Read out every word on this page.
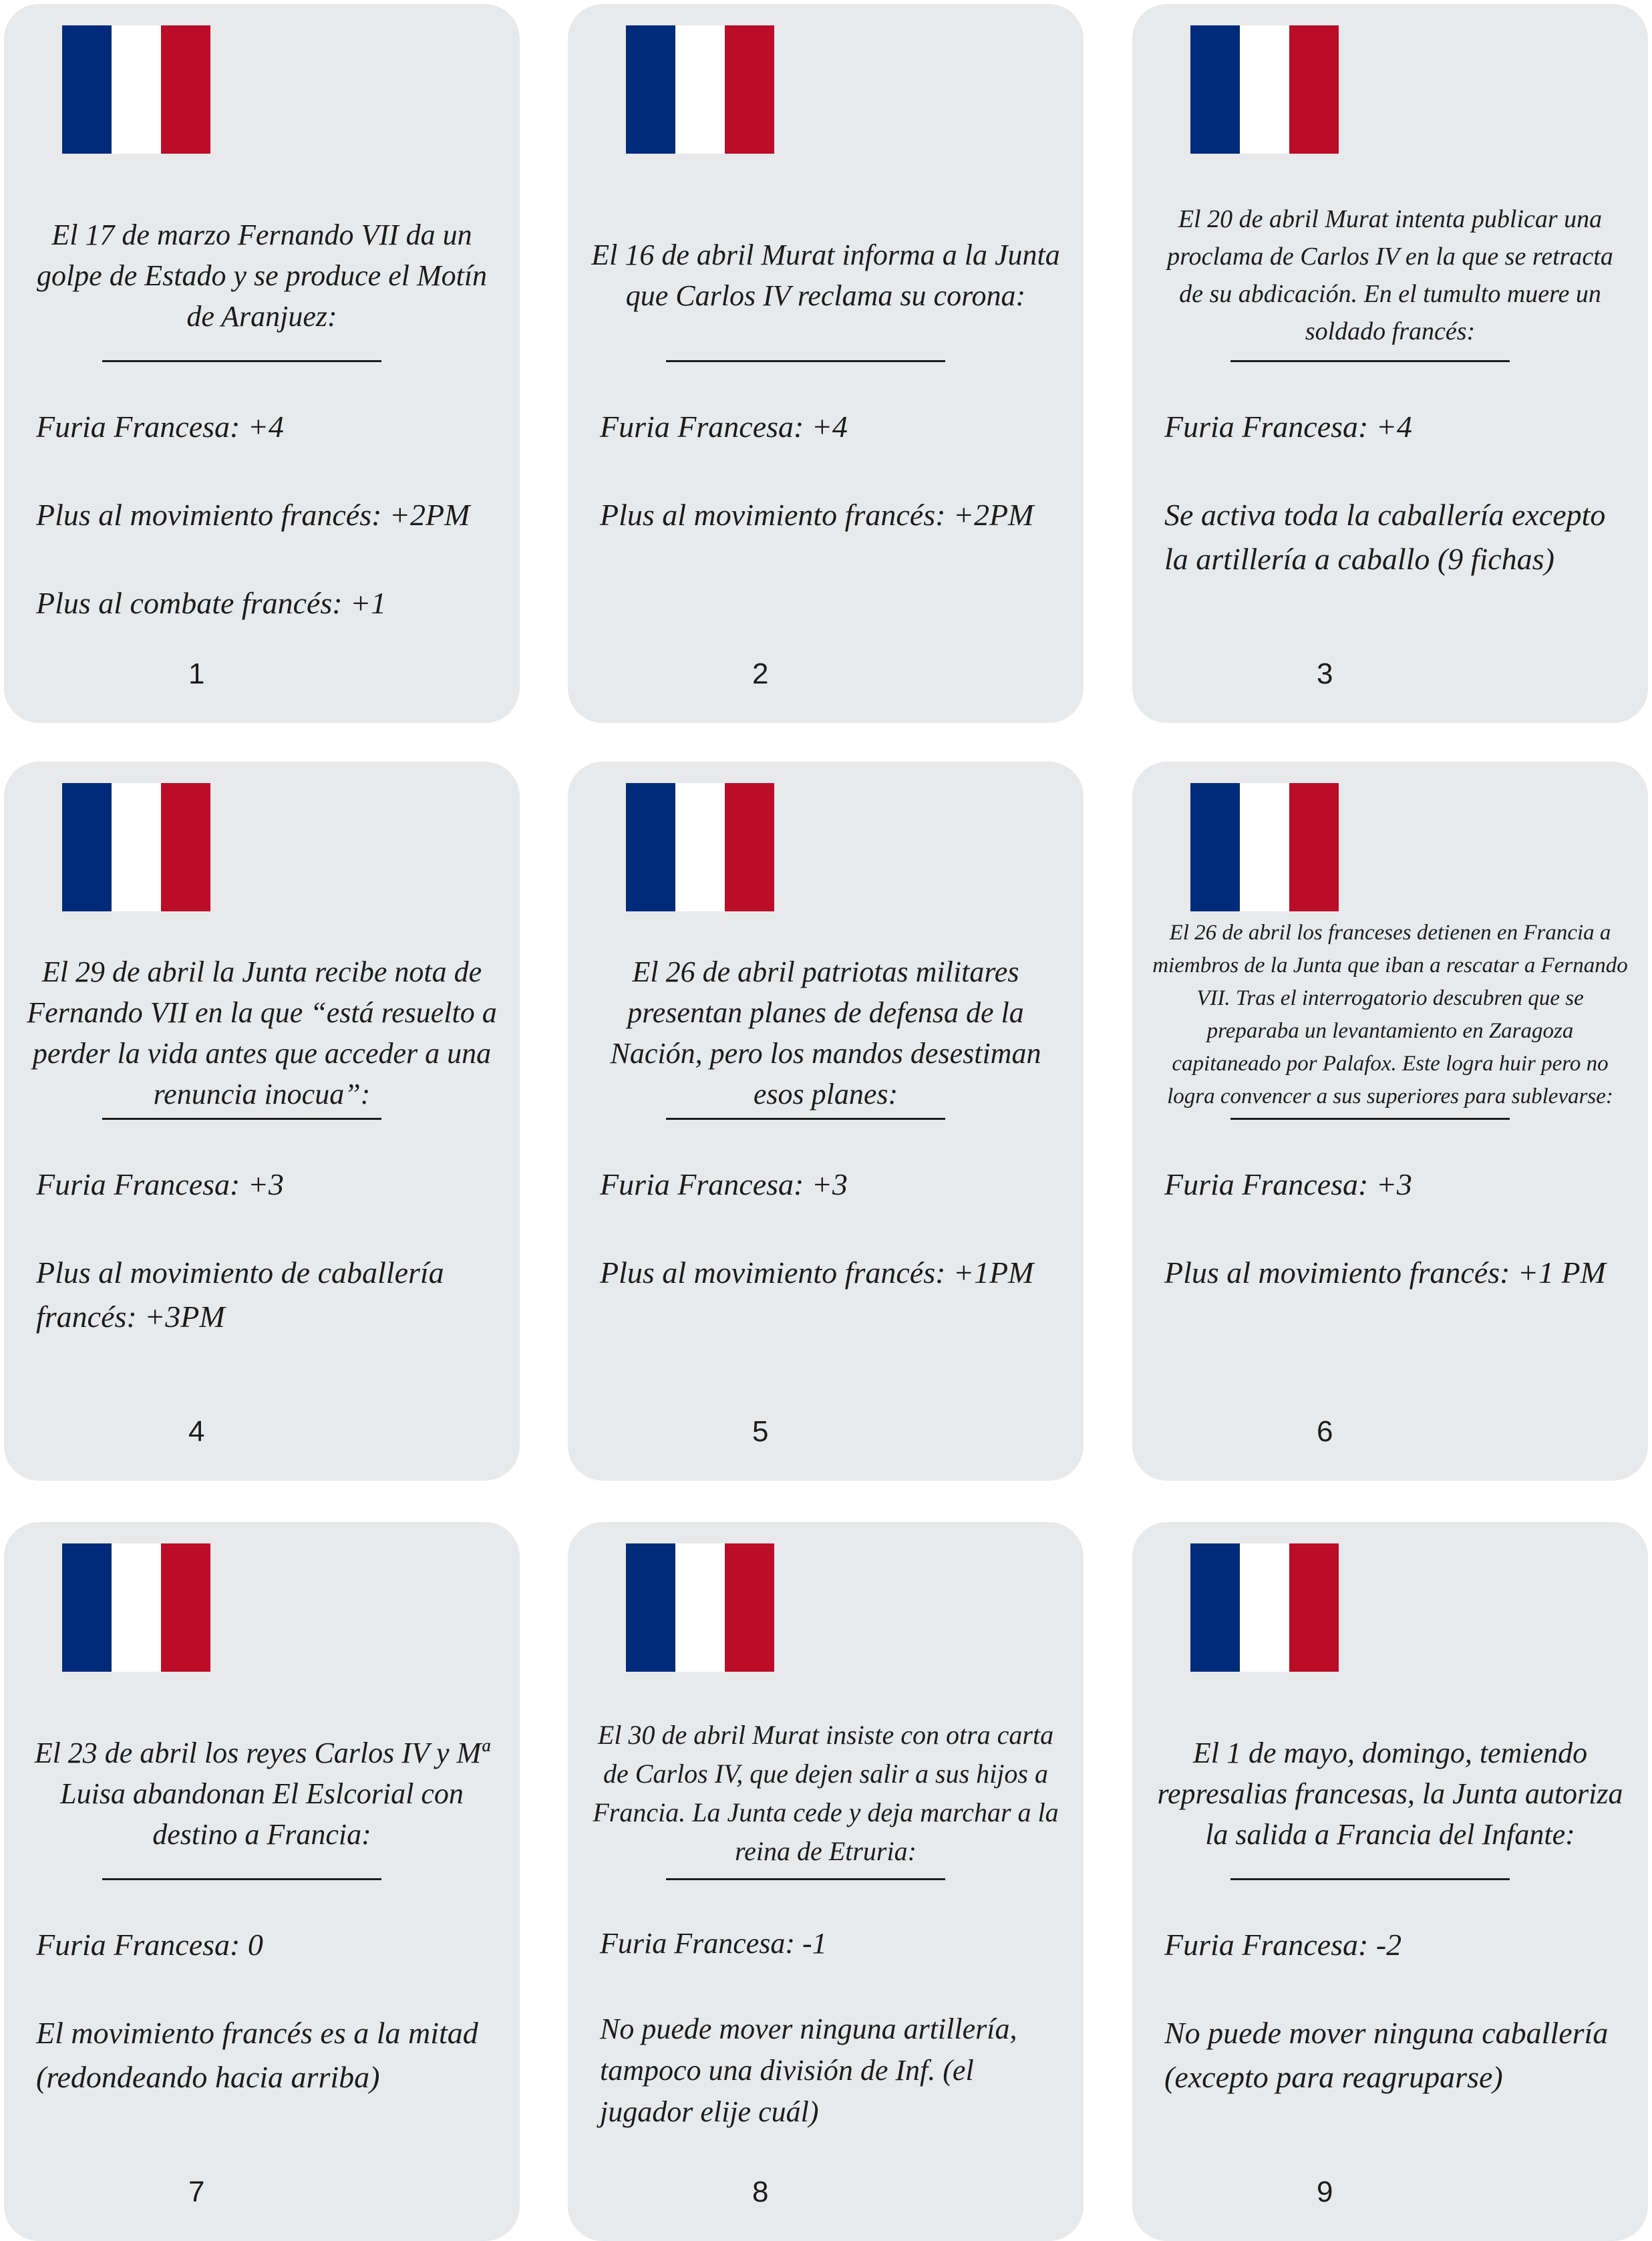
El 17 de marzo Fernando VII da un golpe de Estado y se produce el Motín de Aranjuez:

Furia Francesa: +4

Plus al movimiento francés: +2PM

Plus al combate francés: +1

1
El 16 de abril Murat informa a la Junta que Carlos IV reclama su corona:

Furia Francesa: +4

Plus al movimiento francés: +2PM

2
El 20 de abril Murat intenta publicar una proclama de Carlos IV en la que se retracta de su abdicación. En el tumulto muere un soldado francés:

Furia Francesa: +4

Se activa toda la caballería excepto la artillería a caballo (9 fichas)

3
El 29 de abril la Junta recibe nota de Fernando VII en la que “está resuelto a perder la vida antes que acceder a una renuncia inocua”:

Furia Francesa: +3

Plus al movimiento de caballería francés: +3PM

4
El 26 de abril patriotas militares presentan planes de defensa de la Nación, pero los mandos desestiman esos planes:

Furia Francesa: +3

Plus al movimiento francés: +1PM

5
El 26 de abril los franceses detienen en Francia a miembros de la Junta que iban a rescatar a Fernando VII. Tras el interrogatorio descubren que se preparaba un levantamiento en Zaragoza capitaneado por Palafox. Este logra huir pero no logra convencer a sus superiores para sublevarse:

Furia Francesa: +3

Plus al movimiento francés: +1 PM

6
El 23 de abril los reyes Carlos IV y Mª Luisa abandonan El Eslcorial con destino a Francia:

Furia Francesa: 0

El movimiento francés es a la mitad (redondeando hacia arriba)

7
El 30 de abril Murat insiste con otra carta de Carlos IV, que dejen salir a sus hijos a Francia. La Junta cede y deja marchar a la reina de Etruria:

Furia Francesa: -1

No puede mover ninguna artillería, tampoco una división de Inf. (el jugador elije cuál)

8
El 1 de mayo, domingo, temiendo represalias francesas, la Junta autoriza la salida a Francia del Infante:

Furia Francesa: -2

No puede mover ninguna caballería (excepto para reagruparse)

9
